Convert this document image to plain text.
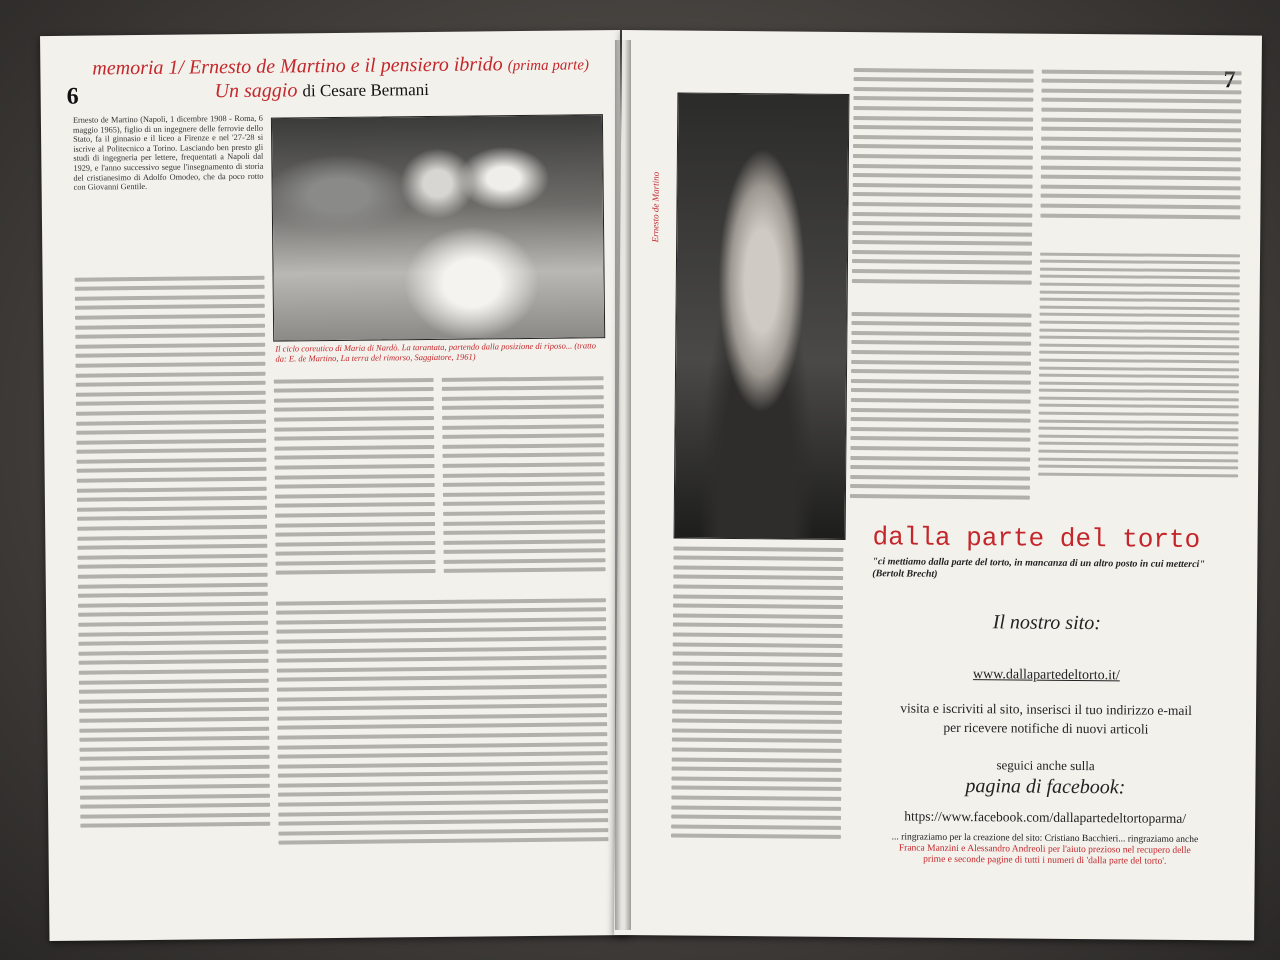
6
memoria 1/ Ernesto de Martino e il pensiero ibrido (prima parte)
Un saggio di Cesare Bermani
Ernesto de Martino (Napoli, 1 dicembre 1908 - Roma, 6 maggio 1965), figlio di un ingegnere delle ferrovie dello Stato, fa il ginnasio e il liceo a Firenze e nel '27-'28 si iscrive al Politecnico a Torino. Lasciando ben presto gli studi di ingegneria per lettere, frequentati a Napoli dal 1929, e l'anno successivo segue l'insegnamento di storia del cristianesimo di Adolfo Omodeo, che da poco rotto con Giovanni Gentile.
Il ciclo coreutico di Maria di Nardò. La tarantata, partendo dalla posizione di riposo... (tratto da: E. de Martino, La terra del rimorso, Saggiatore, 1961)
Ernesto de Martino
dalla parte del torto
"ci mettiamo dalla parte del torto, in mancanza di un altro posto in cui metterci" (Bertolt Brecht)
Il nostro sito:
www.dallapartedeltorto.it/
visita e iscriviti al sito, inserisci il tuo indirizzo e-mail
per ricevere notifiche di nuovi articoli
seguici anche sulla
pagina di facebook:
https://www.facebook.com/dallapartedeltortoparma/
... ringraziamo per la creazione del sito: Cristiano Bacchieri... ringraziamo anche
Franca Manzini e Alessandro Andreoli per l'aiuto prezioso nel recupero delle
prime e seconde pagine di tutti i numeri di 'dalla parte del torto'.
